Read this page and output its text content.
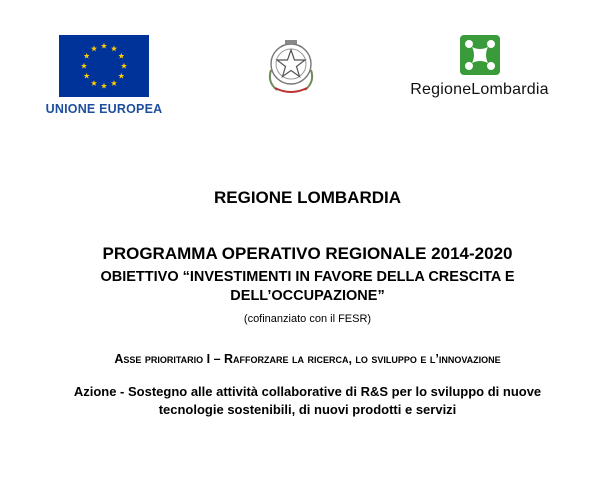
UNIONE EUROPEA
RegioneLombardia
REGIONE LOMBARDIA
PROGRAMMA OPERATIVO REGIONALE 2014-2020
OBIETTIVO “INVESTIMENTI IN FAVORE DELLA CRESCITA E
DELL’OCCUPAZIONE”
(cofinanziato con il FESR)
Asse prioritario I – Rafforzare la ricerca, lo sviluppo e l’innovazione
Azione - Sostegno alle attività collaborative di R&S per lo sviluppo di nuove
tecnologie sostenibili, di nuovi prodotti e servizi
